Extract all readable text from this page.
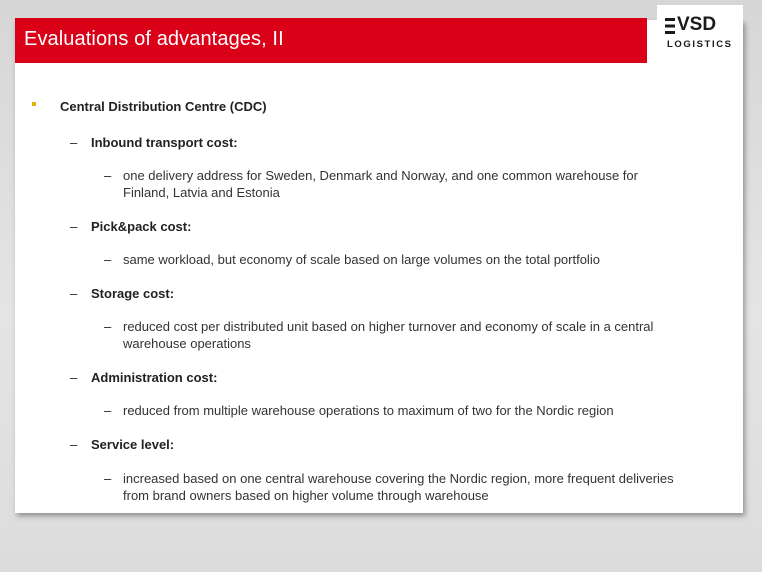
Evaluations of advantages, II
VSD
LOGISTICS
Central Distribution Centre (CDC)
– Inbound transport cost:
– one delivery address for Sweden, Denmark and Norway, and one common warehouse for
Finland, Latvia and Estonia
– Pick&pack cost:
– same workload, but economy of scale based on large volumes on the total portfolio
– Storage cost:
– reduced cost per distributed unit based on higher turnover and economy of scale in a central
warehouse operations
– Administration cost:
– reduced from multiple warehouse operations to maximum of two for the Nordic region
– Service level:
– increased based on one central warehouse covering the Nordic region, more frequent deliveries
from brand owners based on higher volume through warehouse
